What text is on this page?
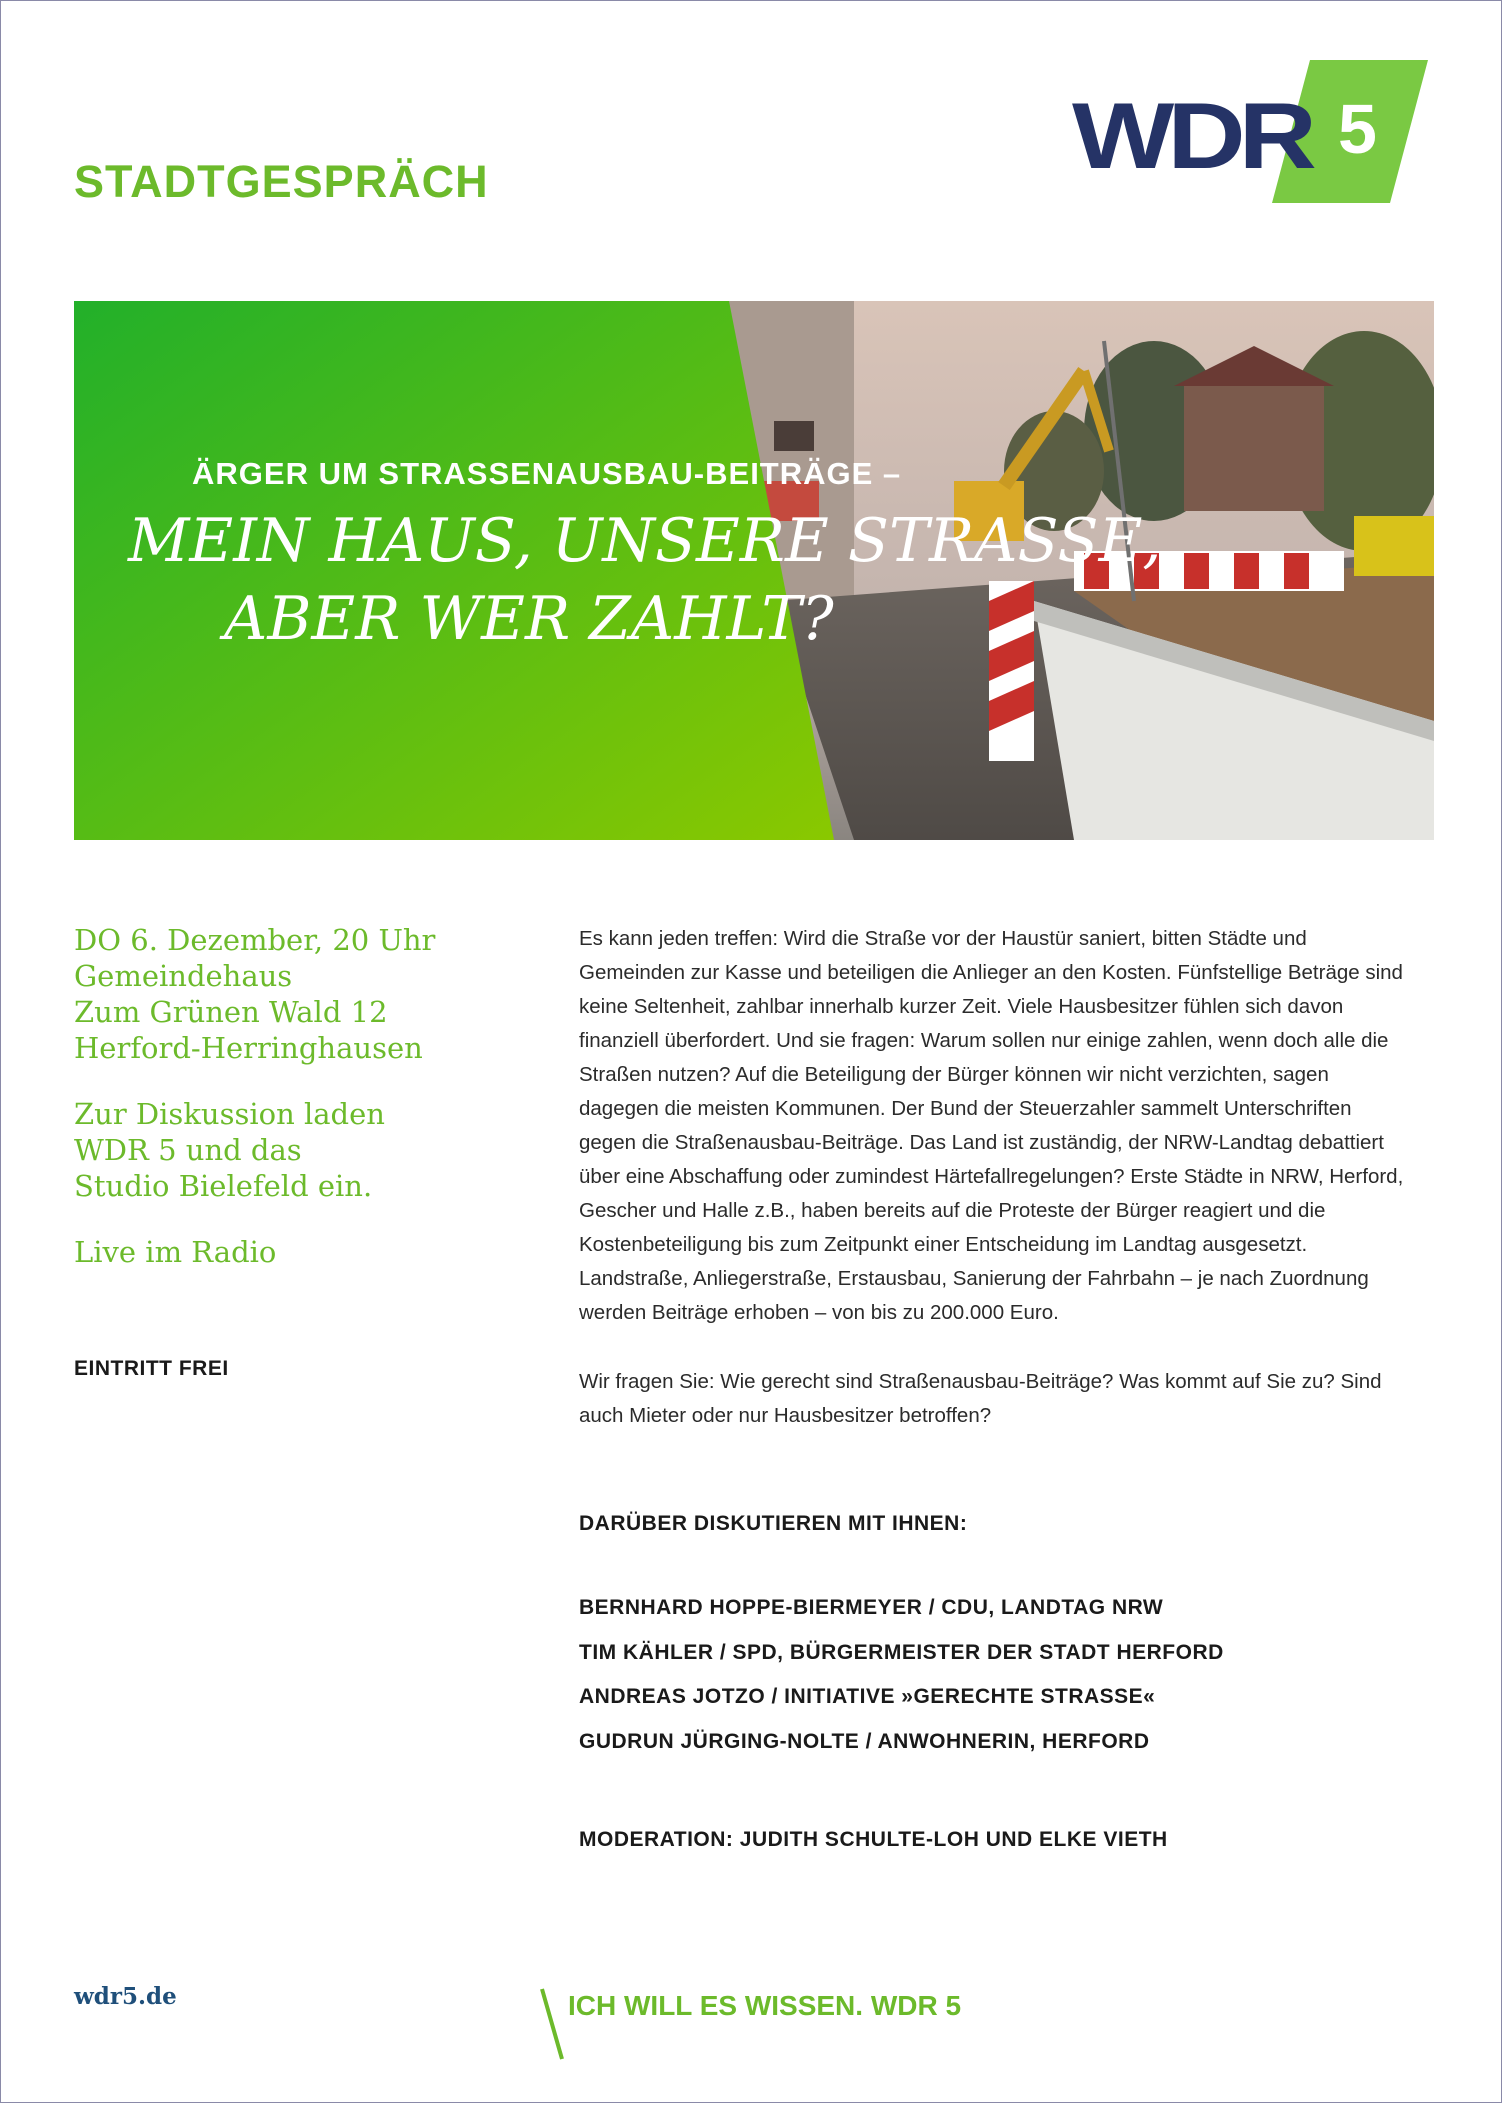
STADTGESPRÄCH
5
WDR
ÄRGER UM STRASSENAUSBAU-BEITRÄGE –
MEIN HAUS, UNSERE STRASSE,
ABER WER ZAHLT?
DO 6. Dezember, 20 Uhr
Gemeindehaus
Zum Grünen Wald 12
Herford-Herringhausen
Zur Diskussion laden
WDR 5 und das
Studio Bielefeld ein.
Live im Radio
EINTRITT FREI
Es kann jeden treffen: Wird die Straße vor der Haustür saniert, bitten Städte und Gemeinden zur Kasse und beteiligen die Anlieger an den Kosten. Fünfstellige Beträge sind keine Seltenheit, zahlbar innerhalb kurzer Zeit. Viele Hausbesitzer fühlen sich davon finanziell überfordert. Und sie fragen: Warum sollen nur einige zahlen, wenn doch alle die Straßen nutzen? Auf die Beteiligung der Bürger können wir nicht verzichten, sagen dagegen die meisten Kommunen. Der Bund der Steuerzahler sammelt Unterschriften gegen die Straßenausbau-Beiträge. Das Land ist zuständig, der NRW-Landtag debattiert über eine Abschaffung oder zumindest Härtefallregelungen? Erste Städte in NRW, Herford, Gescher und Halle z.B., haben bereits auf die Proteste der Bürger reagiert und die Kostenbeteiligung bis zum Zeitpunkt einer Entscheidung im Landtag ausgesetzt. Landstraße, Anliegerstraße, Erstausbau, Sanierung der Fahrbahn – je nach Zuordnung werden Beiträge erhoben – von bis zu 200.000 Euro.
Wir fragen Sie: Wie gerecht sind Straßenausbau-Beiträge? Was kommt auf Sie zu? Sind auch Mieter oder nur Hausbesitzer betroffen?
DARÜBER DISKUTIEREN MIT IHNEN:
BERNHARD HOPPE-BIERMEYER / CDU, LANDTAG NRW
TIM KÄHLER / SPD, BÜRGERMEISTER DER STADT HERFORD
ANDREAS JOTZO / INITIATIVE »GERECHTE STRASSE«
GUDRUN JÜRGING-NOLTE / ANWOHNERIN, HERFORD
MODERATION: JUDITH SCHULTE-LOH UND ELKE VIETH
wdr5.de	ICH WILL ES WISSEN. WDR 5
